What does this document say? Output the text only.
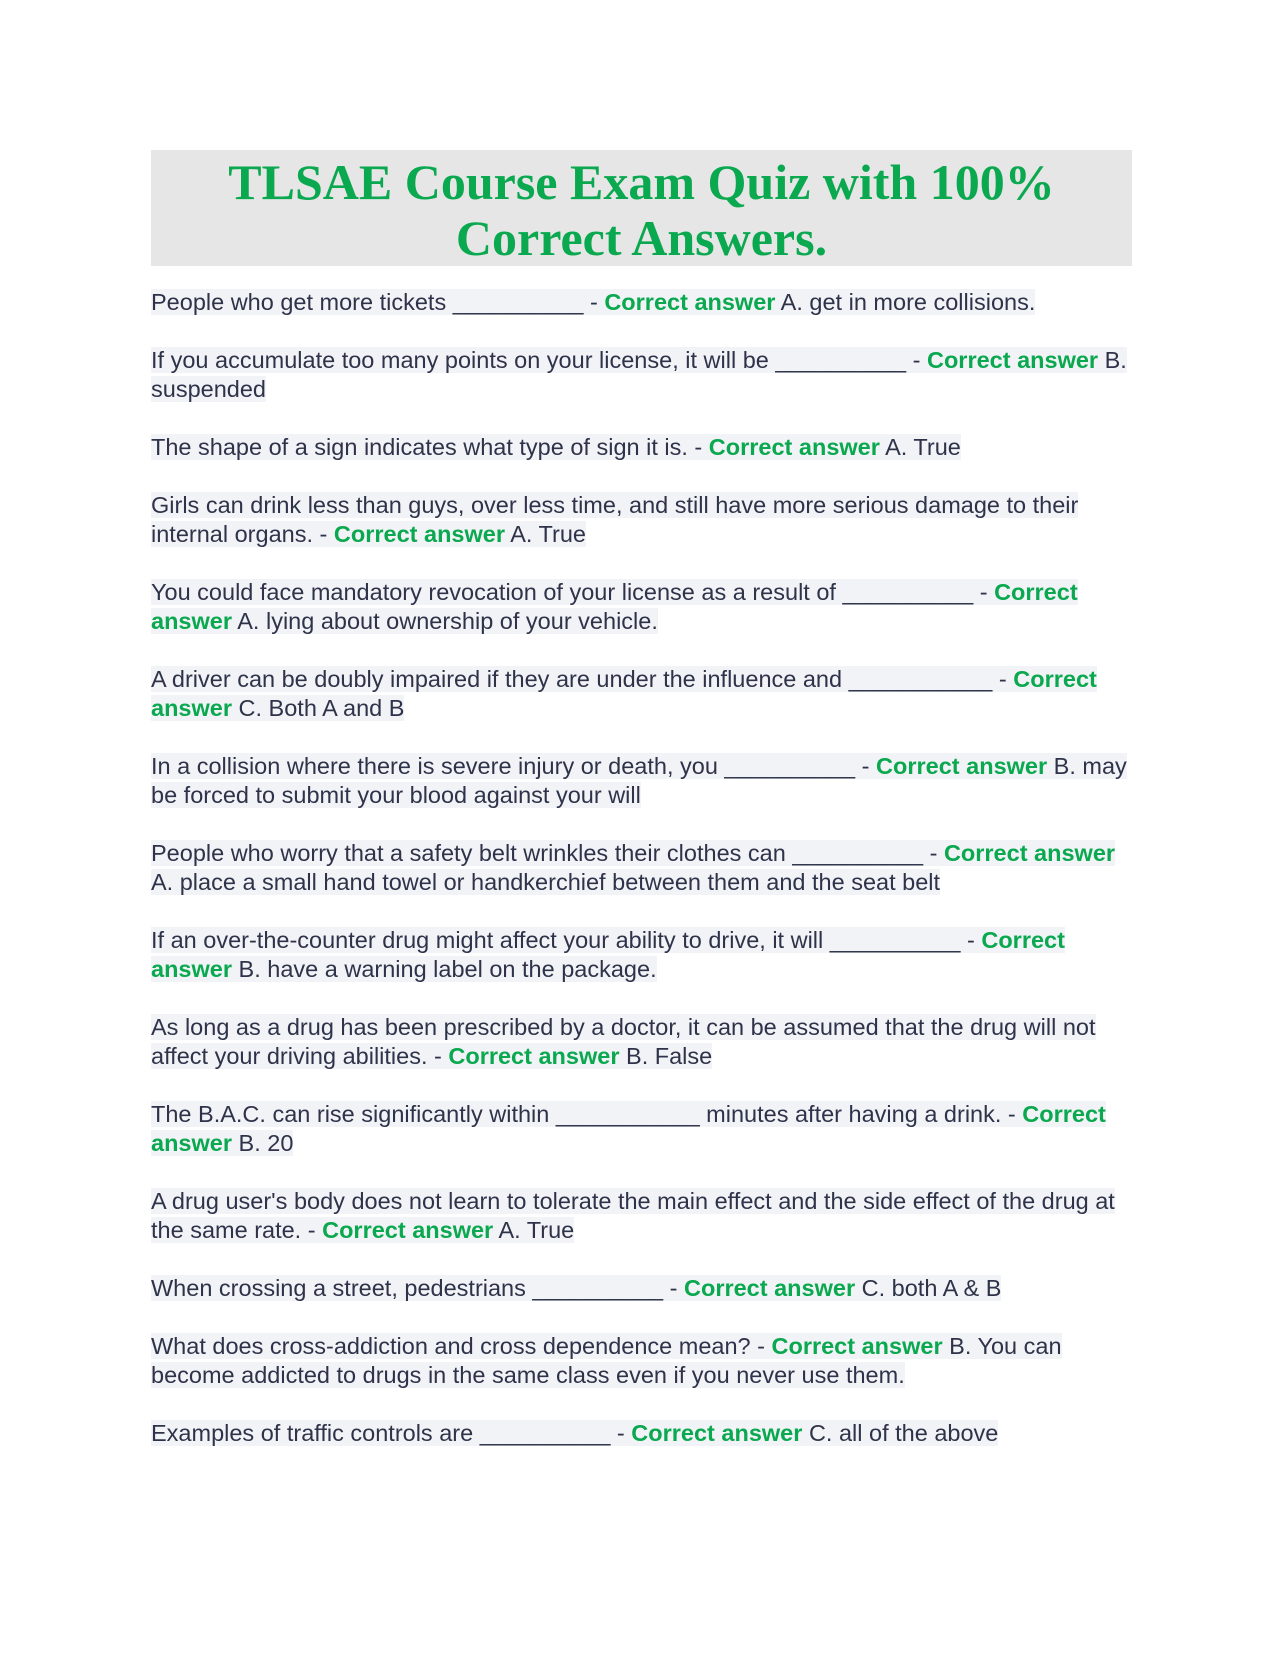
TLSAE Course Exam Quiz with 100% Correct Answers.

People who get more tickets __________ - Correct answer A. get in more collisions.

If you accumulate too many points on your license, it will be __________ - Correct answer B. suspended

The shape of a sign indicates what type of sign it is. - Correct answer A. True

Girls can drink less than guys, over less time, and still have more serious damage to their internal organs. - Correct answer A. True

You could face mandatory revocation of your license as a result of __________ - Correct answer A. lying about ownership of your vehicle.

A driver can be doubly impaired if they are under the influence and ___________ - Correct answer C. Both A and B

In a collision where there is severe injury or death, you __________ - Correct answer B. may be forced to submit your blood against your will

People who worry that a safety belt wrinkles their clothes can __________ - Correct answer A. place a small hand towel or handkerchief between them and the seat belt

If an over-the-counter drug might affect your ability to drive, it will __________ - Correct answer B. have a warning label on the package.

As long as a drug has been prescribed by a doctor, it can be assumed that the drug will not affect your driving abilities. - Correct answer B. False

The B.A.C. can rise significantly within ___________ minutes after having a drink. - Correct answer B. 20

A drug user's body does not learn to tolerate the main effect and the side effect of the drug at the same rate. - Correct answer A. True

When crossing a street, pedestrians __________ - Correct answer C. both A & B

What does cross-addiction and cross dependence mean? - Correct answer B. You can become addicted to drugs in the same class even if you never use them.

Examples of traffic controls are __________ - Correct answer C. all of the above
